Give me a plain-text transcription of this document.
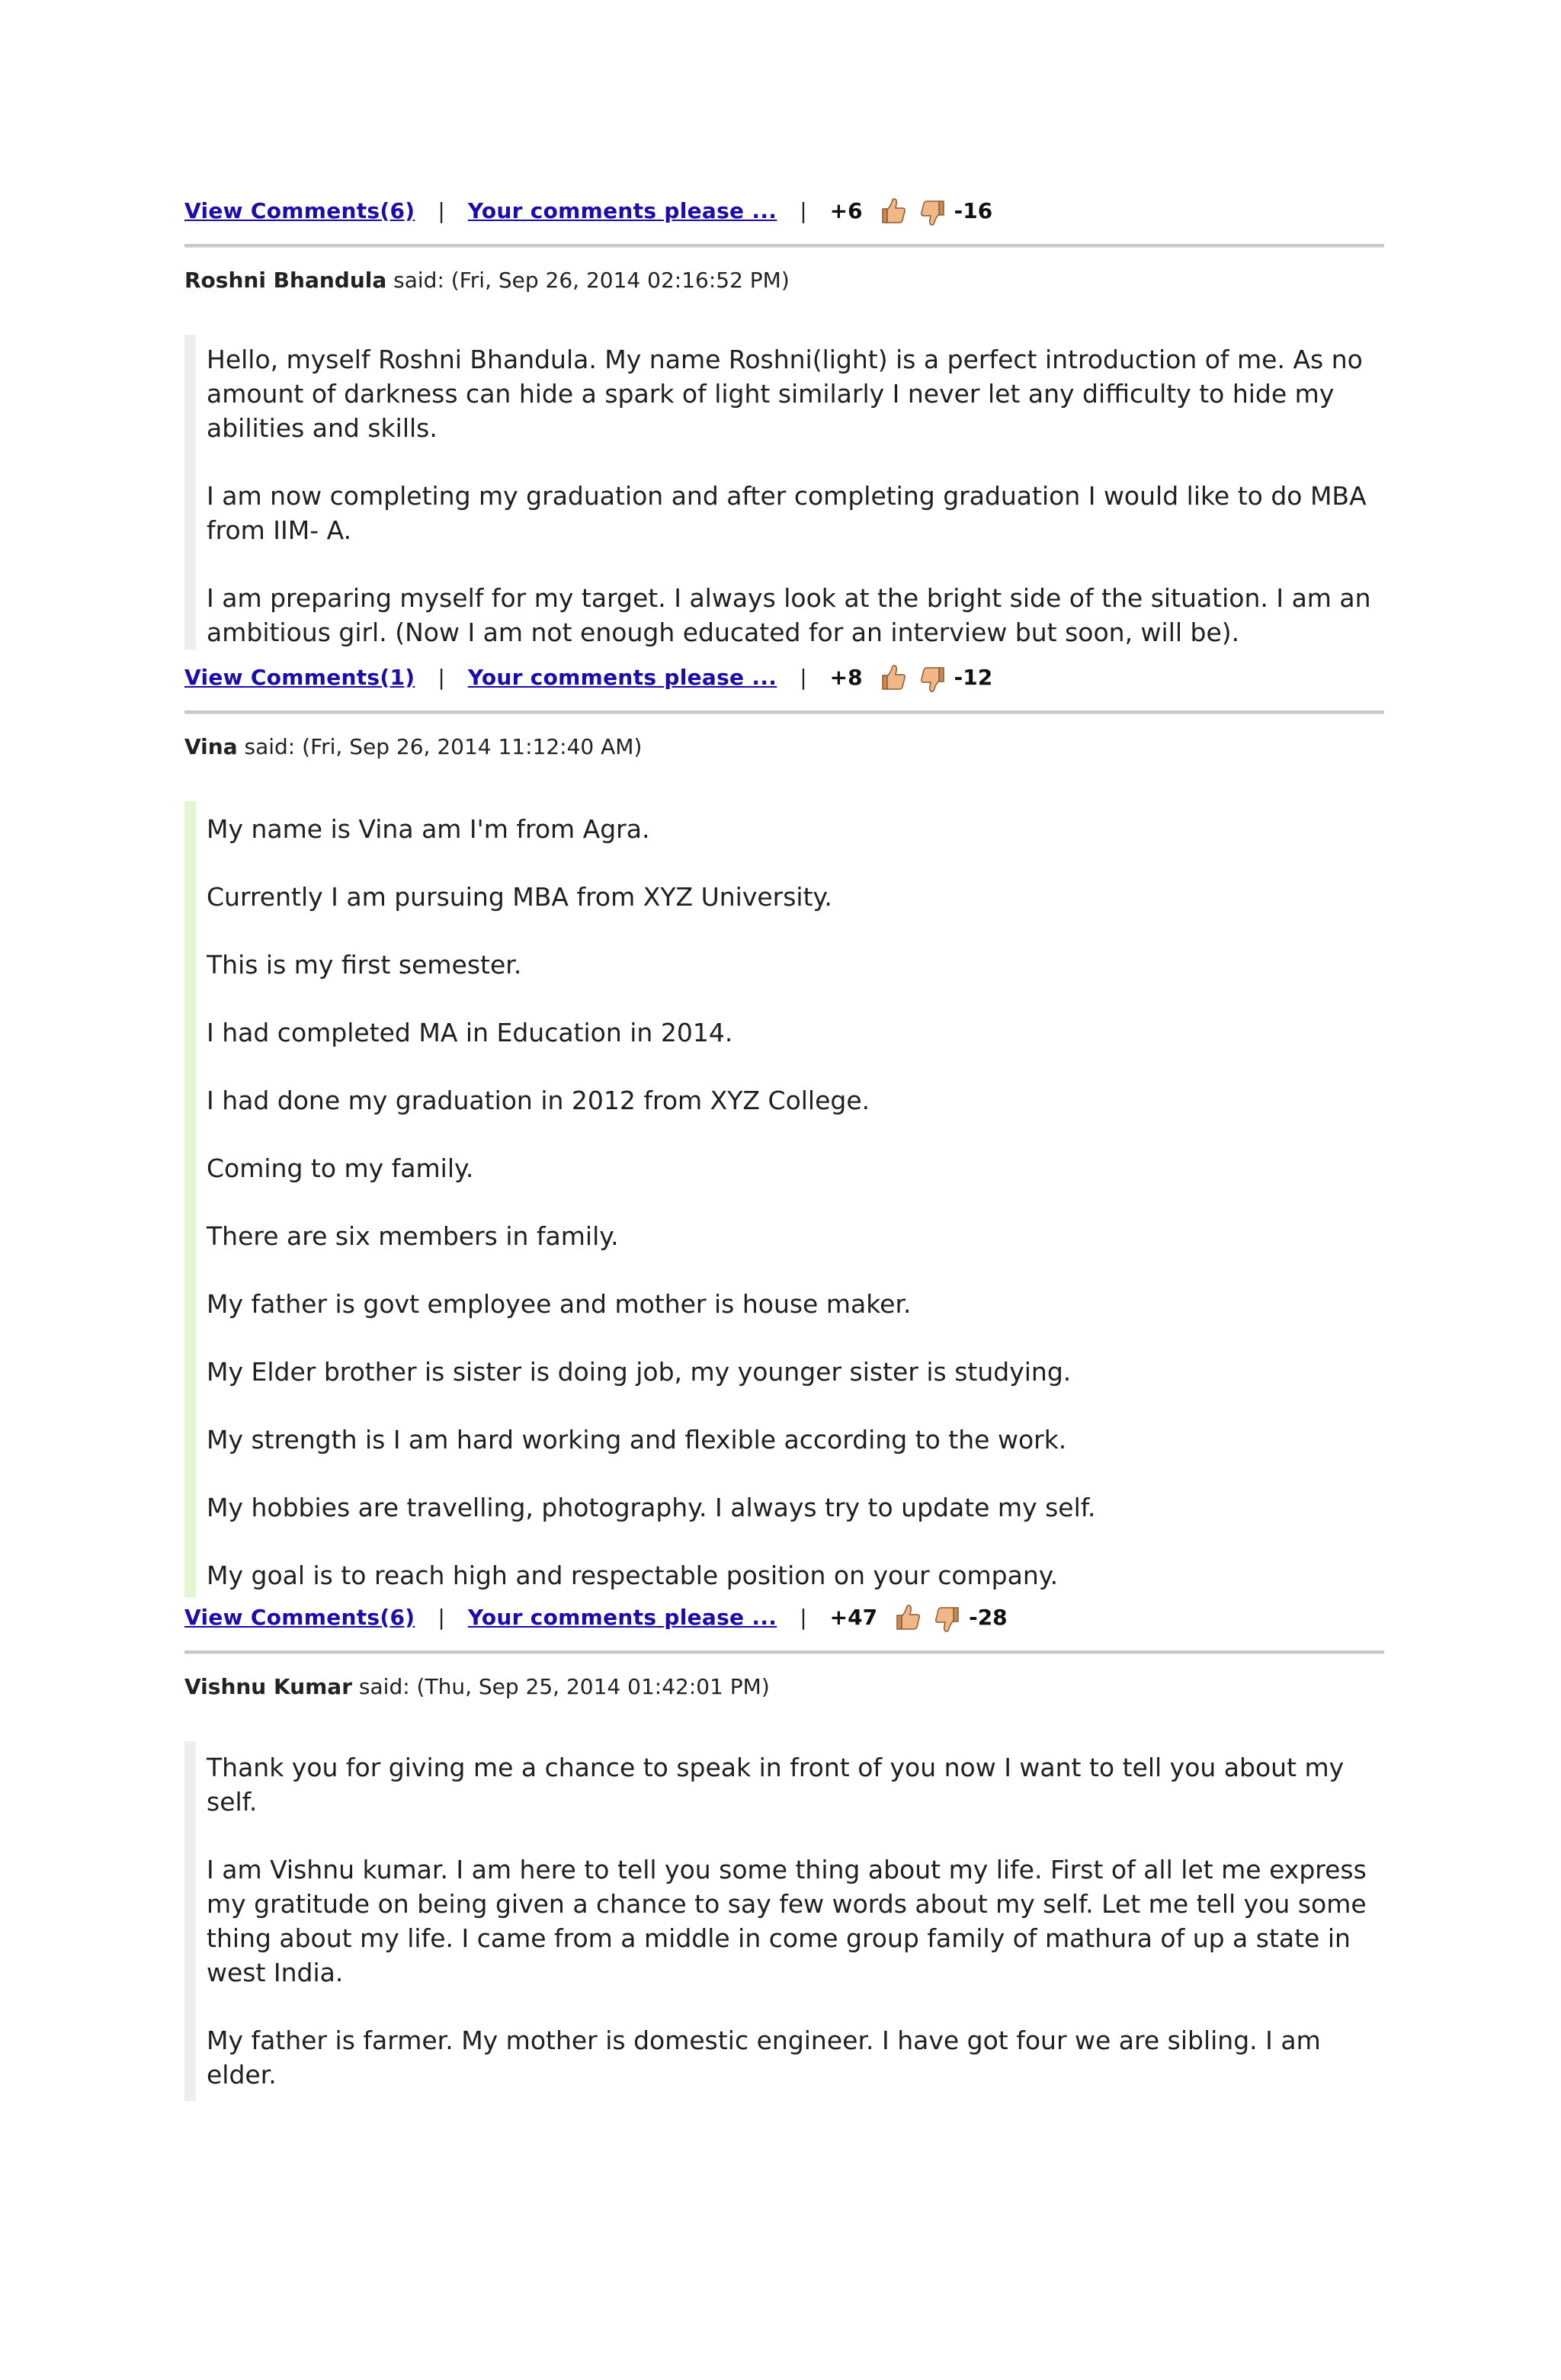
View Comments(6) | Your comments please ... | +6	-16
Roshni Bhandula said: (Fri, Sep 26, 2014 02:16:52 PM)

Hello, myself Roshni Bhandula. My name Roshni(light) is a perfect introduction of me. As no amount of darkness can hide a spark of light similarly I never let any difficulty to hide my abilities and skills.

I am now completing my graduation and after completing graduation I would like to do MBA from IIM- A.

I am preparing myself for my target. I always look at the bright side of the situation. I am an ambitious girl. (Now I am not enough educated for an interview but soon, will be).

View Comments(1) | Your comments please ... | +8	-12
Vina said: (Fri, Sep 26, 2014 11:12:40 AM)

My name is Vina am I'm from Agra.

Currently I am pursuing MBA from XYZ University.

This is my first semester.

I had completed MA in Education in 2014.

I had done my graduation in 2012 from XYZ College.

Coming to my family.

There are six members in family.

My father is govt employee and mother is house maker.

My Elder brother is sister is doing job, my younger sister is studying.

My strength is I am hard working and flexible according to the work.

My hobbies are travelling, photography. I always try to update my self.

My goal is to reach high and respectable position on your company.

View Comments(6) | Your comments please ... | +47	-28
Vishnu Kumar said: (Thu, Sep 25, 2014 01:42:01 PM)

Thank you for giving me a chance to speak in front of you now I want to tell you about my self.

I am Vishnu kumar. I am here to tell you some thing about my life. First of all let me express my gratitude on being given a chance to say few words about my self. Let me tell you some thing about my life. I came from a middle in come group family of mathura of up a state in west India.

My father is farmer. My mother is domestic engineer. I have got four we are sibling. I am elder.
